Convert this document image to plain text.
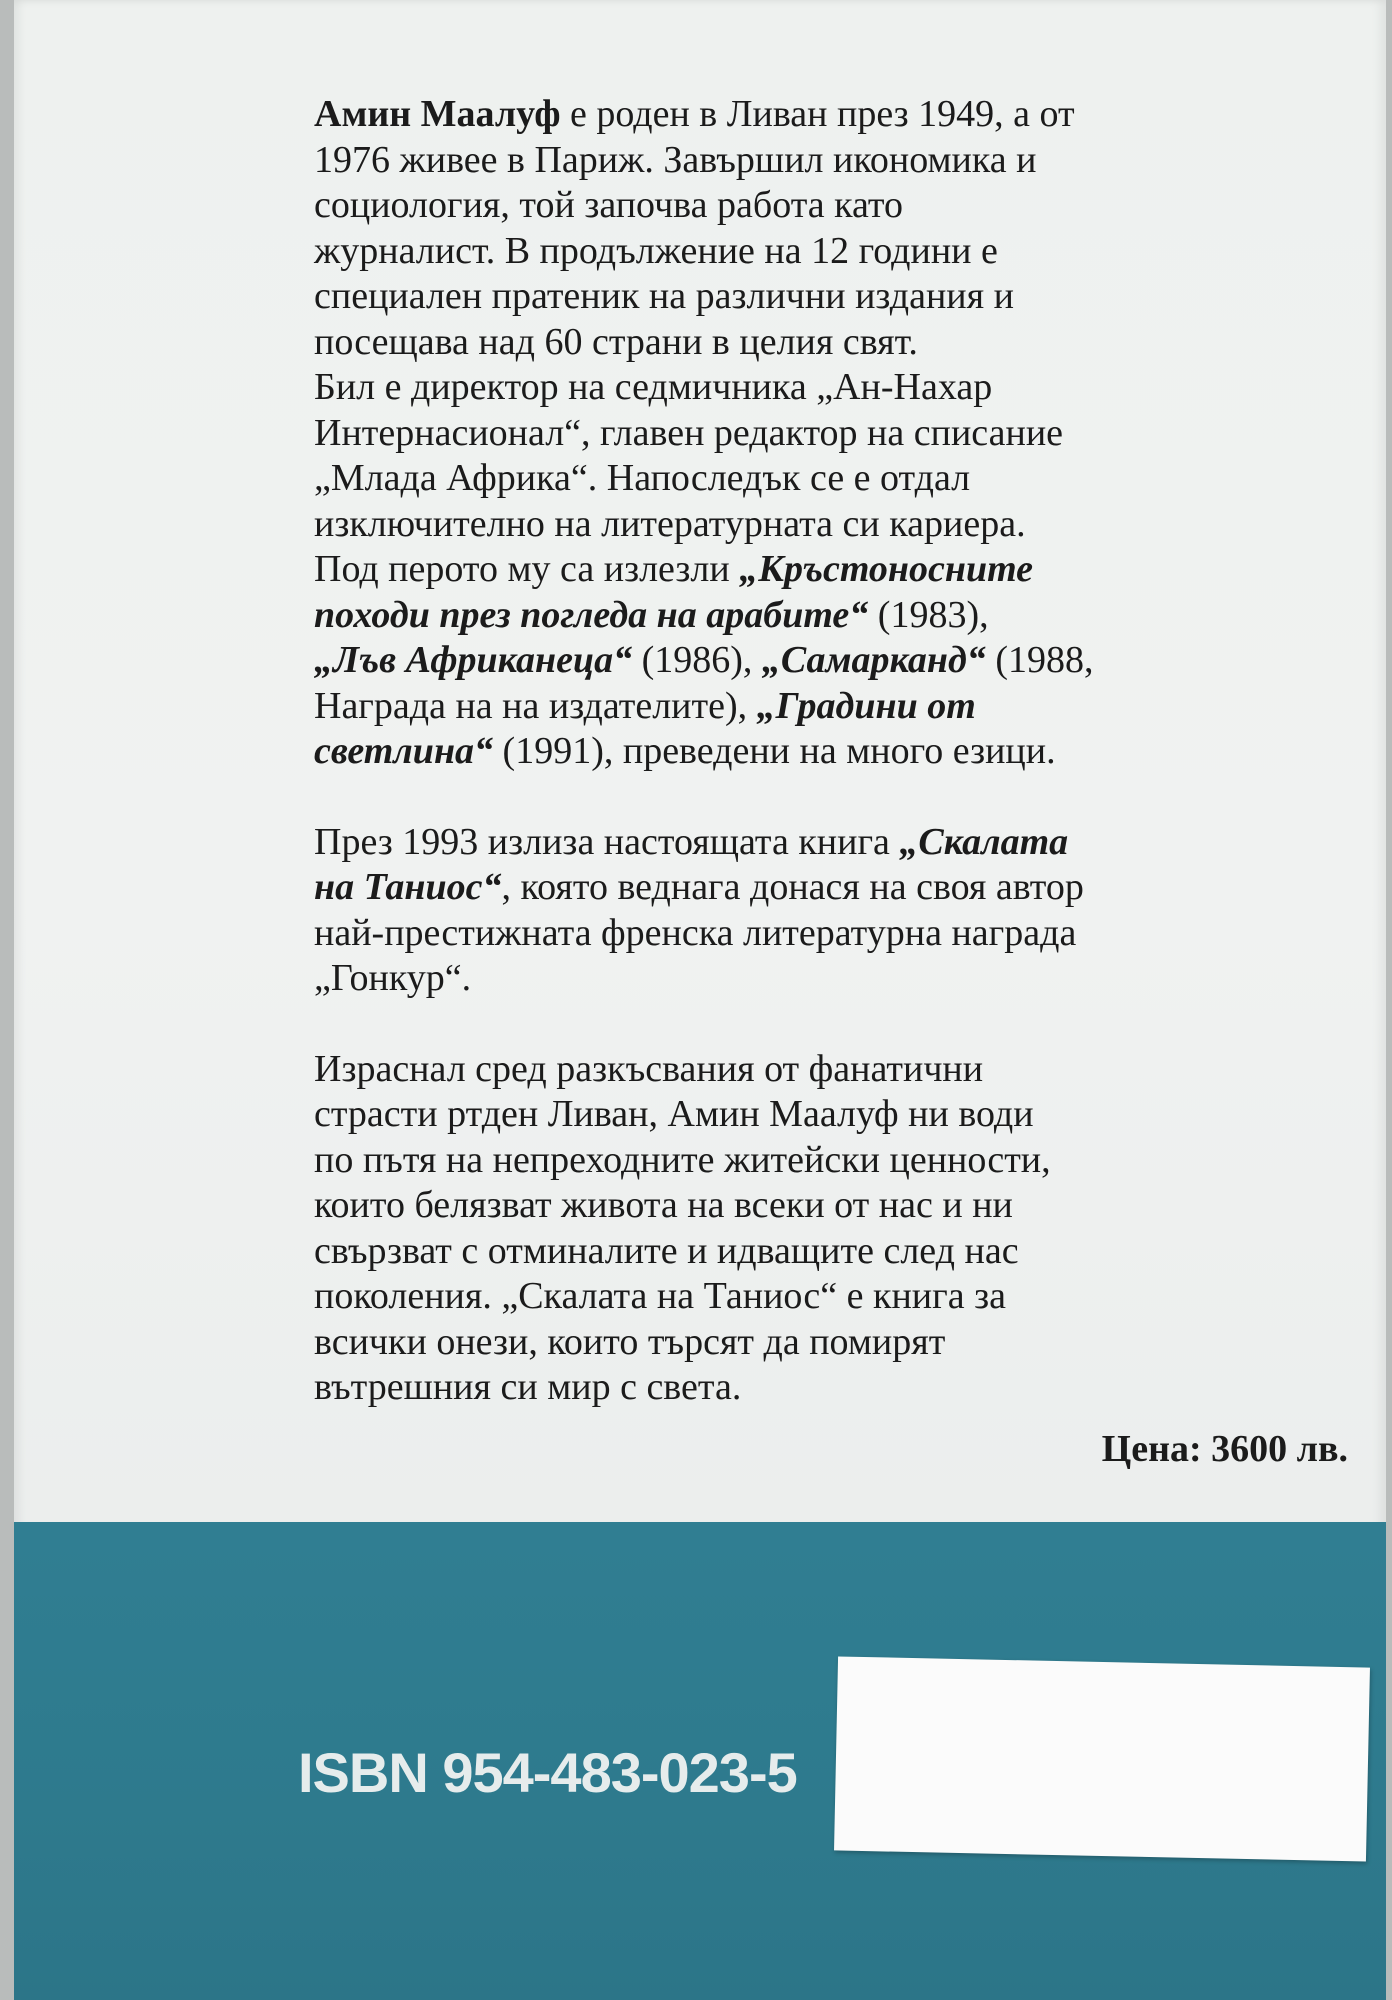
Амин Маалуф е роден в Ливан през 1949, а от
1976 живее в Париж. Завършил икономика и
социология, той започва работа като
журналист. В продължение на 12 години е
специален пратеник на различни издания и
посещава над 60 страни в целия свят.
Бил е директор на седмичника „Ан-Нахар
Интернасионал“, главен редактор на списание
„Млада Африка“. Напоследък се е отдал
изключително на литературната си кариера.
Под перото му са излезли „Кръстоносните
походи през погледа на арабите“ (1983),
„Лъв Африканеца“ (1986), „Самарканд“ (1988,
Награда на на издателите), „Градини от
светлина“ (1991), преведени на много езици.

През 1993 излиза настоящата книга „Скалата
на Таниос“, която веднага донася на своя автор
най-престижната френска литературна награда
„Гонкур“.

Израснал сред разкъсвания от фанатични
страсти ртден Ливан, Амин Маалуф ни води
по пътя на непреходните житейски ценности,
които белязват живота на всеки от нас и ни
свързват с отминалите и идващите след нас
поколения. „Скалата на Таниос“ е книга за
всички онези, които търсят да помирят
вътрешния си мир с света.

Цена: 3600 лв.
ISBN 954-483-023-5
